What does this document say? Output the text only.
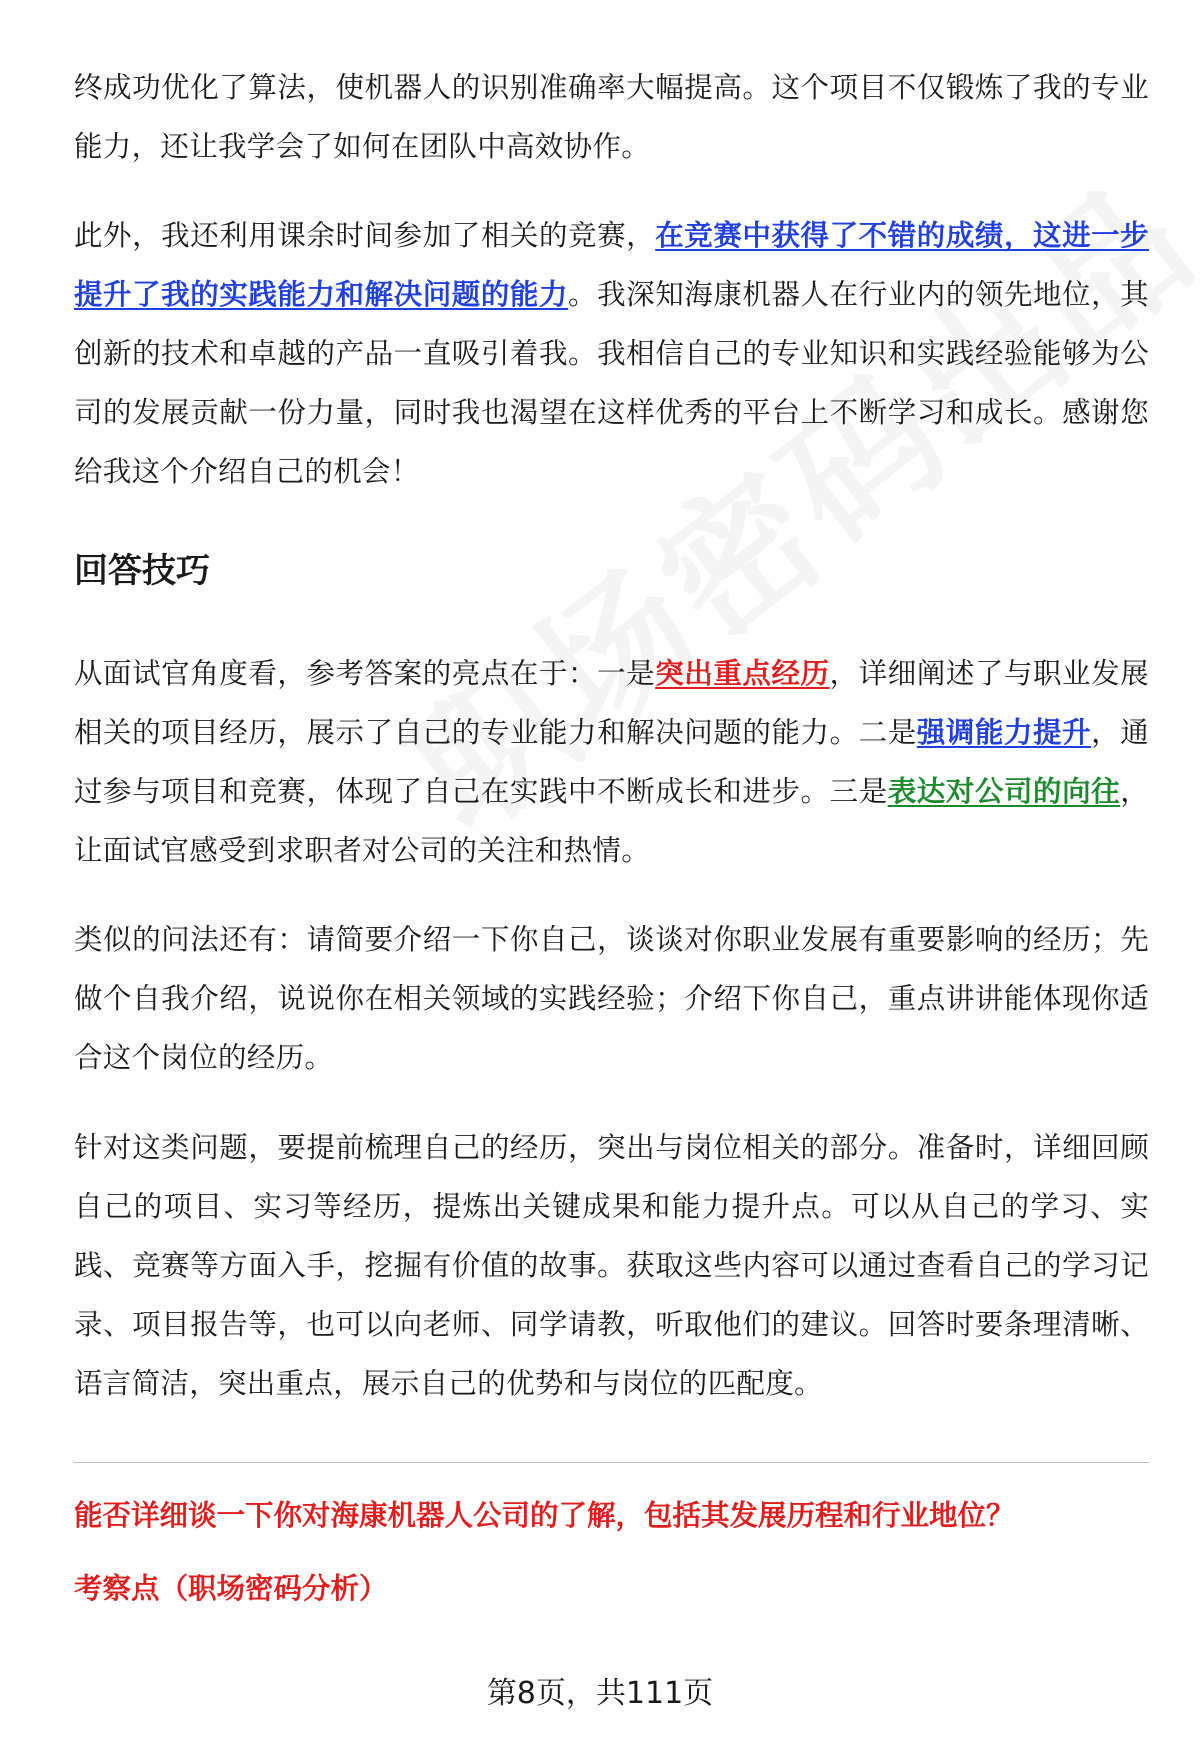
终成功优化了算法，使机器人的识别准确率大幅提高。这个项目不仅锻炼了我的专业能力，还让我学会了如何在团队中高效协作。

此外，我还利用课余时间参加了相关的竞赛，在竞赛中获得了不错的成绩，这进一步提升了我的实践能力和解决问题的能力。我深知海康机器人在行业内的领先地位，其创新的技术和卓越的产品一直吸引着我。我相信自己的专业知识和实践经验能够为公司的发展贡献一份力量，同时我也渴望在这样优秀的平台上不断学习和成长。感谢您给我这个介绍自己的机会！

回答技巧

从面试官角度看，参考答案的亮点在于：一是突出重点经历，详细阐述了与职业发展相关的项目经历，展示了自己的专业能力和解决问题的能力。二是强调能力提升，通过参与项目和竞赛，体现了自己在实践中不断成长和进步。三是表达对公司的向往，让面试官感受到求职者对公司的关注和热情。

类似的问法还有：请简要介绍一下你自己，谈谈对你职业发展有重要影响的经历；先做个自我介绍，说说你在相关领域的实践经验；介绍下你自己，重点讲讲能体现你适合这个岗位的经历。

针对这类问题，要提前梳理自己的经历，突出与岗位相关的部分。准备时，详细回顾自己的项目、实习等经历，提炼出关键成果和能力提升点。可以从自己的学习、实践、竞赛等方面入手，挖掘有价值的故事。获取这些内容可以通过查看自己的学习记录、项目报告等，也可以向老师、同学请教，听取他们的建议。回答时要条理清晰、语言简洁，突出重点，展示自己的优势和与岗位的匹配度。

能否详细谈一下你对海康机器人公司的了解，包括其发展历程和行业地位？

考察点（职场密码分析）

第8页，共111页
